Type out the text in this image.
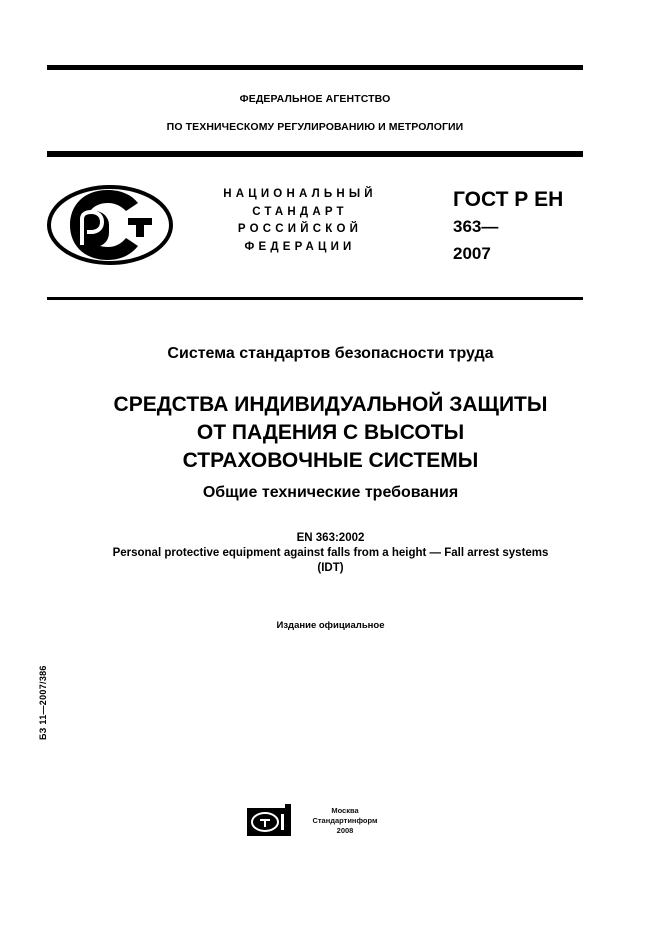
ФЕДЕРАЛЬНОЕ АГЕНТСТВО
ПО ТЕХНИЧЕСКОМУ РЕГУЛИРОВАНИЮ И МЕТРОЛОГИИ
НАЦИОНАЛЬНЫЙ
СТАНДАРТ
РОССИЙСКОЙ
ФЕДЕРАЦИИ
ГОСТ Р ЕН
363—
2007
Система стандартов безопасности труда
СРЕДСТВА ИНДИВИДУАЛЬНОЙ ЗАЩИТЫ
ОТ ПАДЕНИЯ С ВЫСОТЫ
СТРАХОВОЧНЫЕ СИСТЕМЫ
Общие технические требования
EN 363:2002
Personal protective equipment against falls from a height — Fall arrest systems
(IDT)
Издание официальное
БЗ 11—2007/386
Москва
Стандартинформ
2008
